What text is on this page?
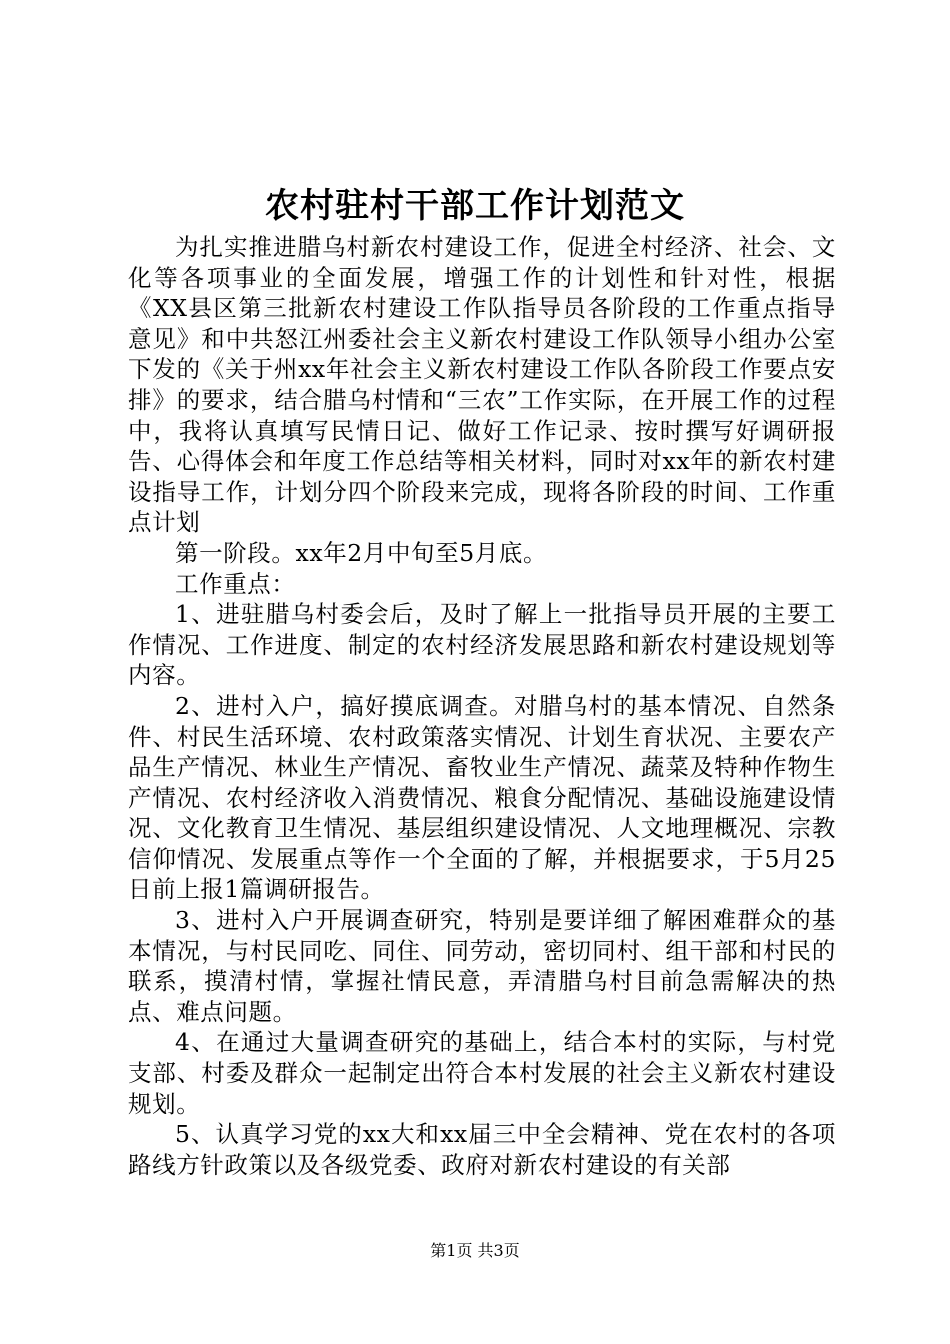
农村驻村干部工作计划范文

为扎实推进腊乌村新农村建设工作，促进全村经济、社会、文化等各项事业的全面发展，增强工作的计划性和针对性，根据《XX县区第三批新农村建设工作队指导员各阶段的工作重点指导意见》和中共怒江州委社会主义新农村建设工作队领导小组办公室下发的《关于州xx年社会主义新农村建设工作队各阶段工作要点安排》的要求，结合腊乌村情和“三农”工作实际，在开展工作的过程中，我将认真填写民情日记、做好工作记录、按时撰写好调研报告、心得体会和年度工作总结等相关材料，同时对xx年的新农村建设指导工作，计划分四个阶段来完成，现将各阶段的时间、工作重点计划

第一阶段。xx年2月中旬至5月底。

工作重点：

1、进驻腊乌村委会后，及时了解上一批指导员开展的主要工作情况、工作进度、制定的农村经济发展思路和新农村建设规划等内容。

2、进村入户，搞好摸底调查。对腊乌村的基本情况、自然条件、村民生活环境、农村政策落实情况、计划生育状况、主要农产品生产情况、林业生产情况、畜牧业生产情况、蔬菜及特种作物生产情况、农村经济收入消费情况、粮食分配情况、基础设施建设情况、文化教育卫生情况、基层组织建设情况、人文地理概况、宗教信仰情况、发展重点等作一个全面的了解，并根据要求，于5月25日前上报1篇调研报告。

3、进村入户开展调查研究，特别是要详细了解困难群众的基本情况，与村民同吃、同住、同劳动，密切同村、组干部和村民的联系，摸清村情，掌握社情民意，弄清腊乌村目前急需解决的热点、难点问题。

4、在通过大量调查研究的基础上，结合本村的实际，与村党支部、村委及群众一起制定出符合本村发展的社会主义新农村建设规划。

5、认真学习党的xx大和xx届三中全会精神、党在农村的各项路线方针政策以及各级党委、政府对新农村建设的有关部

第1页 共3页
